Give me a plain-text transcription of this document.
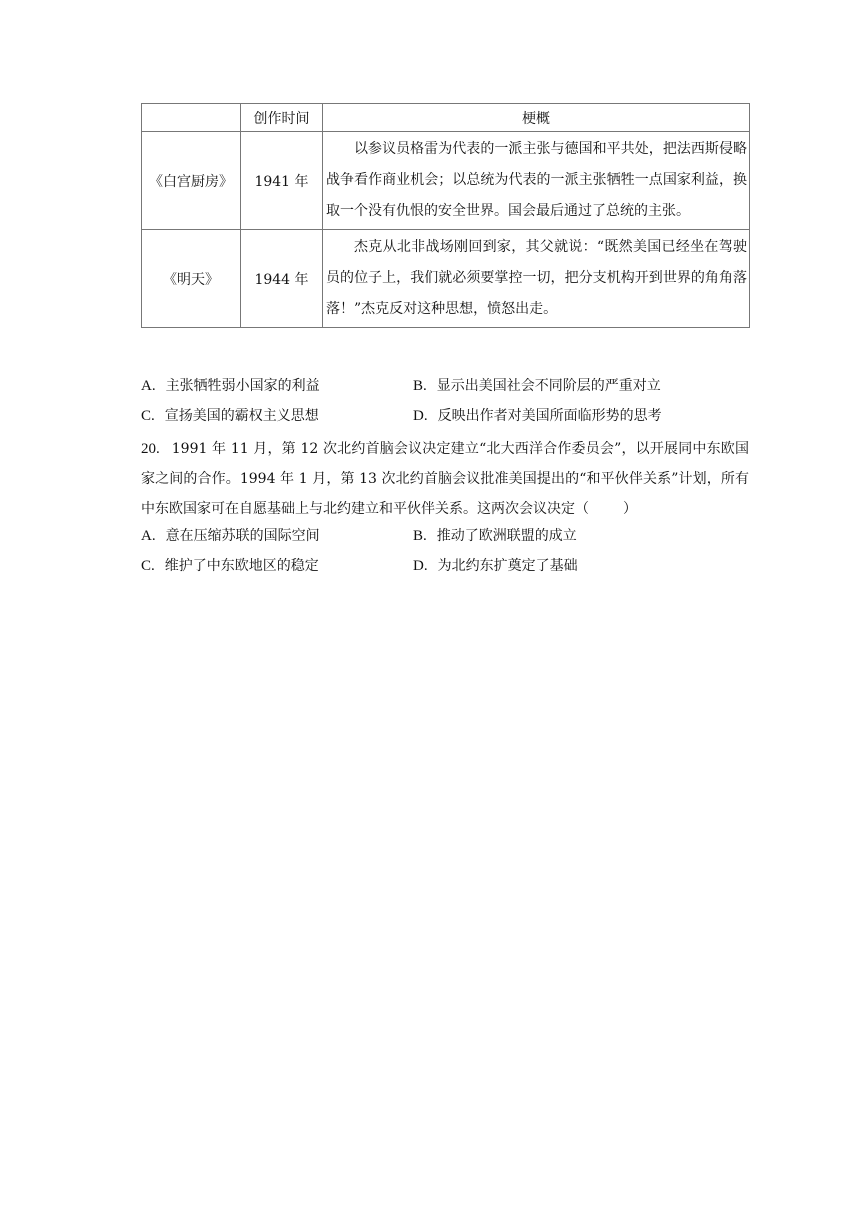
	创作时间	梗概
《白宫厨房》	1941 年	以参议员格雷为代表的一派主张与德国和平共处，把法西斯侵略战争看作商业机会；以总统为代表的一派主张牺牲一点国家利益，换取一个没有仇恨的安全世界。国会最后通过了总统的主张。
《明天》	1944 年	杰克从北非战场刚回到家，其父就说：“既然美国已经坐在驾驶员的位子上，我们就必须要掌控一切，把分支机构开到世界的角角落落！”杰克反对这种思想，愤怒出走。
A. 主张牺牲弱小国家的利益	B. 显示出美国社会不同阶层的严重对立
C. 宣扬美国的霸权主义思想	D. 反映出作者对美国所面临形势的思考
20. 1991 年 11 月，第 12 次北约首脑会议决定建立“北大西洋合作委员会”，以开展同中东欧国家之间的合作。1994 年 1 月，第 13 次北约首脑会议批准美国提出的“和平伙伴关系”计划，所有中东欧国家可在自愿基础上与北约建立和平伙伴关系。这两次会议决定（ ）
A. 意在压缩苏联的国际空间	B. 推动了欧洲联盟的成立
C. 维护了中东欧地区的稳定	D. 为北约东扩奠定了基础
